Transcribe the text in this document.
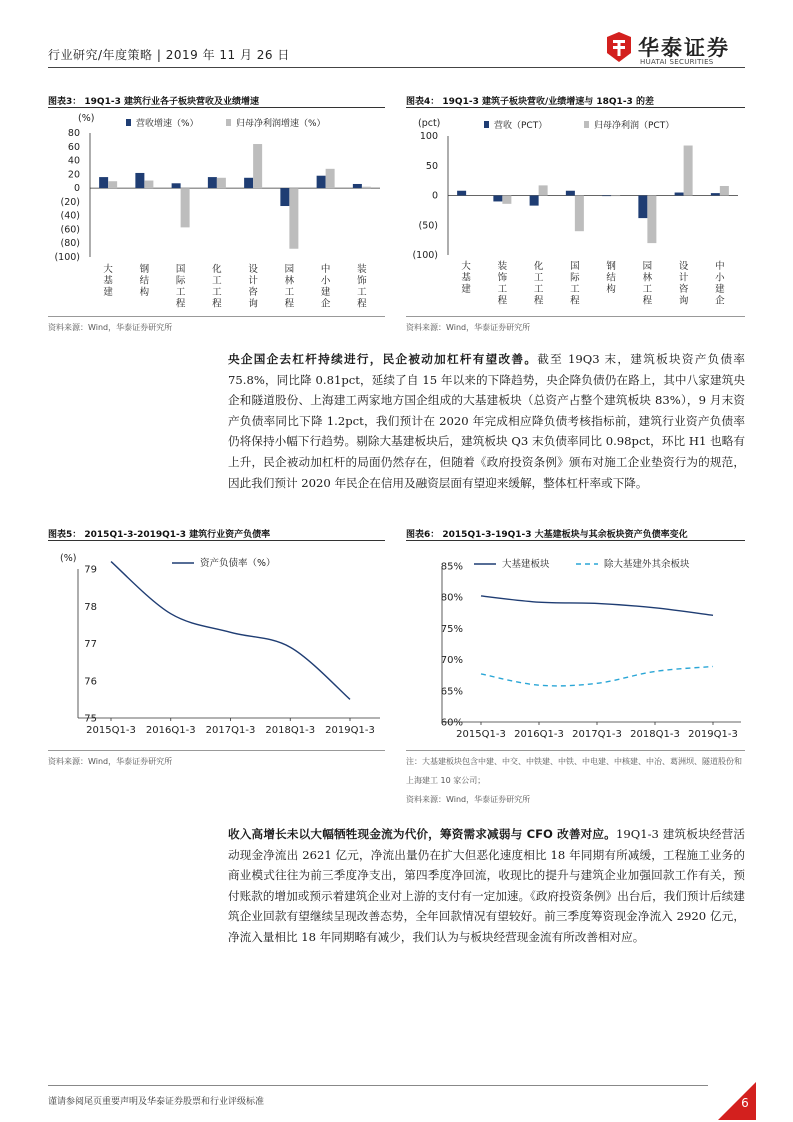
行业研究/年度策略 | 2019 年 11 月 26 日	华泰证券
HUATAI SECURITIES
图表3： 19Q1-3 建筑行业各子板块营收及业绩增速
80
60
40
20
0
(20)
(40)
(60)
(80)
(100)
(%)
大基建
钢结构
国际工程
化工工程
设计咨询
园林工程
中小建企
装饰工程
营收增速（%）	归母净利润增速（%）
资料来源：Wind，华泰证券研究所
图表4： 19Q1-3 建筑子板块营收/业绩增速与 18Q1-3 的差
100
50
0
(50)
(100)
(pct)
大基建
装饰工程
化工工程
国际工程
钢结构
园林工程
设计咨询
中小建企
营收（PCT）	归母净利润（PCT）
资料来源：Wind，华泰证券研究所
央企国企去杠杆持续进行，民企被动加杠杆有望改善。截至 19Q3 末，建筑板块资产负债率 75.8%，同比降 0.81pct，延续了自 15 年以来的下降趋势，央企降负债仍在路上，其中八家建筑央企和隧道股份、上海建工两家地方国企组成的大基建板块（总资产占整个建筑板块 83%），9 月末资产负债率同比下降 1.2pct，我们预计在 2020 年完成相应降负债考核指标前，建筑行业资产负债率仍将保持小幅下行趋势。剔除大基建板块后，建筑板块 Q3 末负债率同比 0.98pct，环比 H1 也略有上升，民企被动加杠杆的局面仍然存在，但随着《政府投资条例》颁布对施工企业垫资行为的规范，因此我们预计 2020 年民企在信用及融资层面有望迎来缓解，整体杠杆率或下降。
图表5： 2015Q1-3-2019Q1-3 建筑行业资产负债率
79
78
77
76
75
(%)
2015Q1-3 2016Q1-3 2017Q1-3 2018Q1-3 2019Q1-3
资产负债率（%）
资料来源：Wind，华泰证券研究所
图表6： 2015Q1-3-19Q1-3 大基建板块与其余板块资产负债率变化
85%
80%
75%
70%
65%
60%
2015Q1-3 2016Q1-3 2017Q1-3 2018Q1-3 2019Q1-3
大基建板块	除大基建外其余板块
注：大基建板块包含中建、中交、中铁建、中铁、中电建、中核建、中冶、葛洲坝、隧道股份和上海建工 10 家公司；
资料来源：Wind，华泰证券研究所
收入高增长未以大幅牺牲现金流为代价，筹资需求减弱与 CFO 改善对应。19Q1-3 建筑板块经营活动现金净流出 2621 亿元，净流出量仍在扩大但恶化速度相比 18 年同期有所减缓，工程施工业务的商业模式往往为前三季度净支出，第四季度净回流，收现比的提升与建筑企业加强回款工作有关，预付账款的增加或预示着建筑企业对上游的支付有一定加速。《政府投资条例》出台后，我们预计后续建筑企业回款有望继续呈现改善态势，全年回款情况有望较好。前三季度筹资现金净流入 2920 亿元，净流入量相比 18 年同期略有减少，我们认为与板块经营现金流有所改善相对应。
谨请参阅尾页重要声明及华泰证券股票和行业评级标准	6
